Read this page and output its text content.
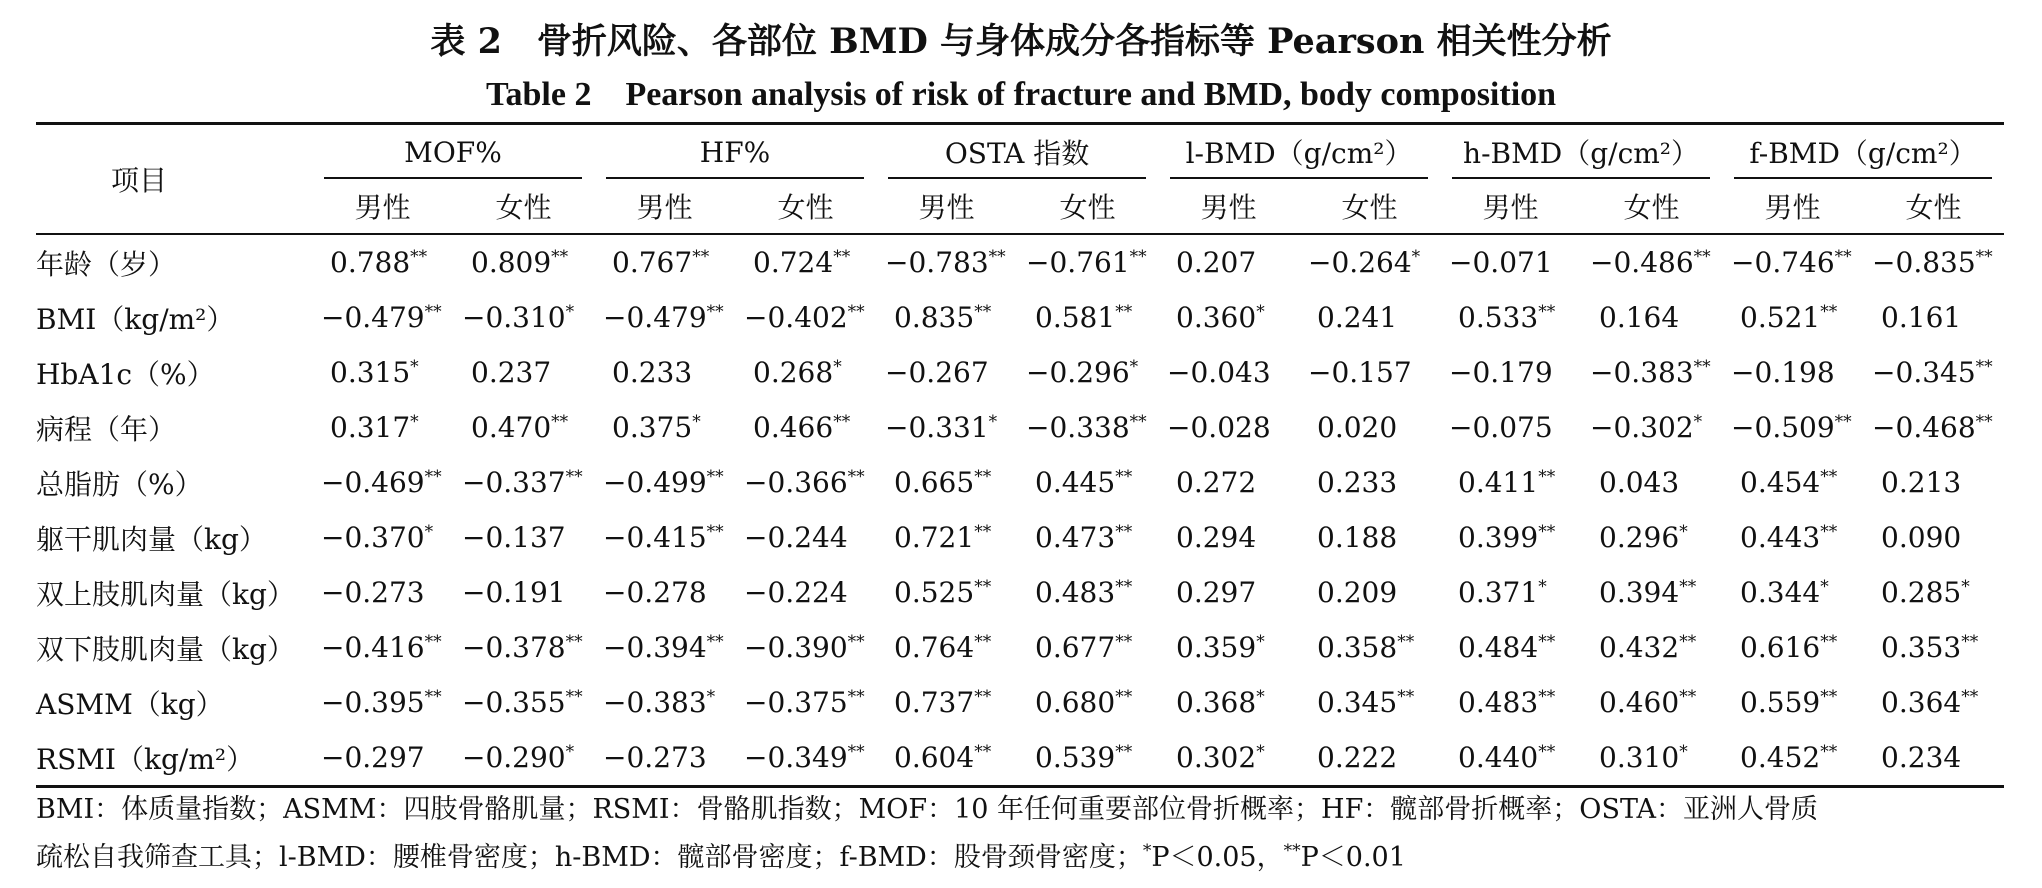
表 2　骨折风险、各部位 BMD 与身体成分各指标等 Pearson 相关性分析
Table 2　Pearson analysis of risk of fracture and BMD, body composition
项目	MOF%		HF%		OSTA 指数		l-BMD（g/cm²）		h-BMD（g/cm²）		f-BMD（g/cm²）	

	男性	女性	男性	女性	男性	女性	男性	女性	男性	女性	男性	女性
年龄（岁）	0.788**	0.809**	0.767**	0.724**	−0.783**	−0.761**	0.207	−0.264*	−0.071	−0.486**	−0.746**	−0.835**
BMI（kg/m²）	−0.479**	−0.310*	−0.479**	−0.402**	0.835**	0.581**	0.360*	0.241	0.533**	0.164	0.521**	0.161
HbA1c（%）	0.315*	0.237	0.233	0.268*	−0.267	−0.296*	−0.043	−0.157	−0.179	−0.383**	−0.198	−0.345**
病程（年）	0.317*	0.470**	0.375*	0.466**	−0.331*	−0.338**	−0.028	0.020	−0.075	−0.302*	−0.509**	−0.468**
总脂肪（%）	−0.469**	−0.337**	−0.499**	−0.366**	0.665**	0.445**	0.272	0.233	0.411**	0.043	0.454**	0.213
躯干肌肉量（kg）	−0.370*	−0.137	−0.415**	−0.244	0.721**	0.473**	0.294	0.188	0.399**	0.296*	0.443**	0.090
双上肢肌肉量（kg）	−0.273	−0.191	−0.278	−0.224	0.525**	0.483**	0.297	0.209	0.371*	0.394**	0.344*	0.285*
双下肢肌肉量（kg）	−0.416**	−0.378**	−0.394**	−0.390**	0.764**	0.677**	0.359*	0.358**	0.484**	0.432**	0.616**	0.353**
ASMM（kg）	−0.395**	−0.355**	−0.383*	−0.375**	0.737**	0.680**	0.368*	0.345**	0.483**	0.460**	0.559**	0.364**
RSMI（kg/m²）	−0.297	−0.290*	−0.273	−0.349**	0.604**	0.539**	0.302*	0.222	0.440**	0.310*	0.452**	0.234

BMI：体质量指数；ASMM：四肢骨骼肌量；RSMI：骨骼肌指数；MOF：10 年任何重要部位骨折概率；HF：髋部骨折概率；OSTA：亚洲人骨质

疏松自我筛查工具；l-BMD：腰椎骨密度；h-BMD：髋部骨密度；f-BMD：股骨颈骨密度；*P＜0.05，**P＜0.01
